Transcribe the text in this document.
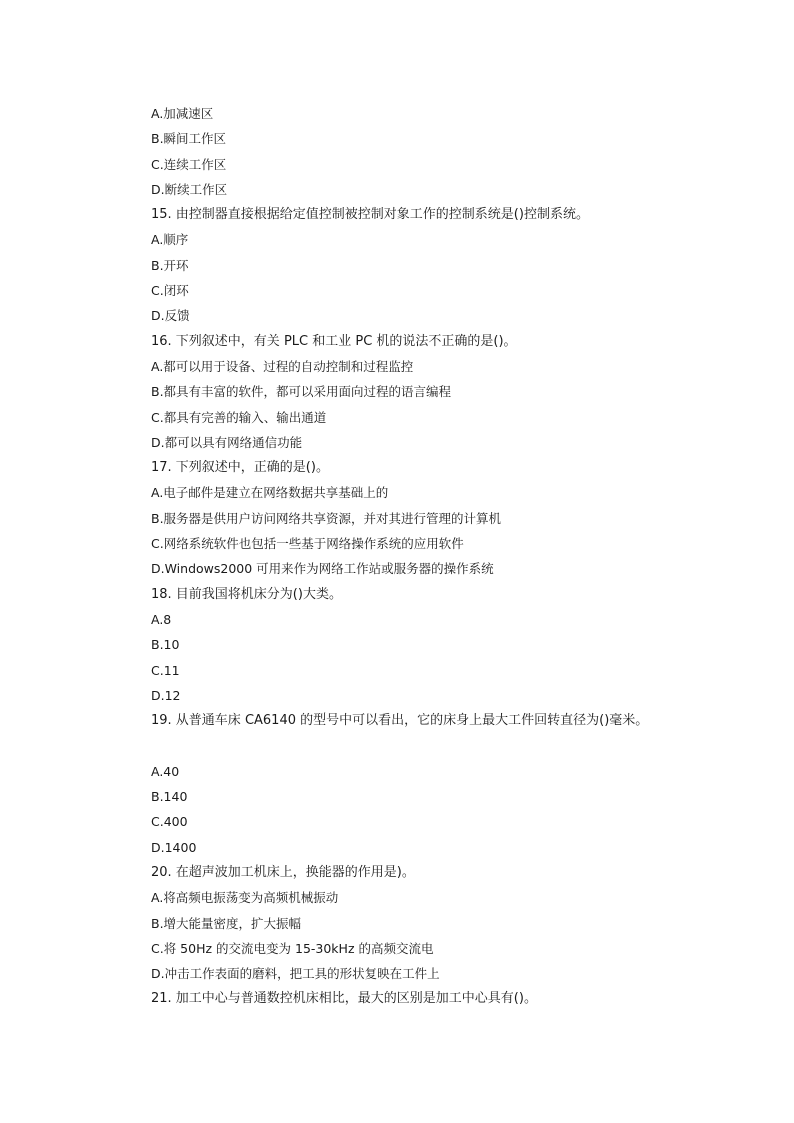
A.加减速区
B.瞬间工作区
C.连续工作区
D.断续工作区
15. 由控制器直接根据给定值控制被控制对象工作的控制系统是()控制系统。
A.顺序
B.开环
C.闭环
D.反馈
16. 下列叙述中，有关 PLC 和工业 PC 机的说法不正确的是()。
A.都可以用于设备、过程的自动控制和过程监控
B.都具有丰富的软件，都可以采用面向过程的语言编程
C.都具有完善的输入、输出通道
D.都可以具有网络通信功能
17. 下列叙述中，正确的是()。
A.电子邮件是建立在网络数据共享基础上的
B.服务器是供用户访问网络共享资源，并对其进行管理的计算机
C.网络系统软件也包括一些基于网络操作系统的应用软件
D.Windows2000 可用来作为网络工作站或服务器的操作系统
18. 目前我国将机床分为()大类。
A.8
B.10
C.11
D.12
19. 从普通车床 CA6140 的型号中可以看出，它的床身上最大工件回转直径为()毫米。
A.40
B.140
C.400
D.1400
20. 在超声波加工机床上，换能器的作用是)。
A.将高频电振荡变为高频机械振动
B.增大能量密度，扩大振幅
C.将 50Hz 的交流电变为 15-30kHz 的高频交流电
D.冲击工作表面的磨料，把工具的形状复映在工件上
21. 加工中心与普通数控机床相比，最大的区别是加工中心具有()。
